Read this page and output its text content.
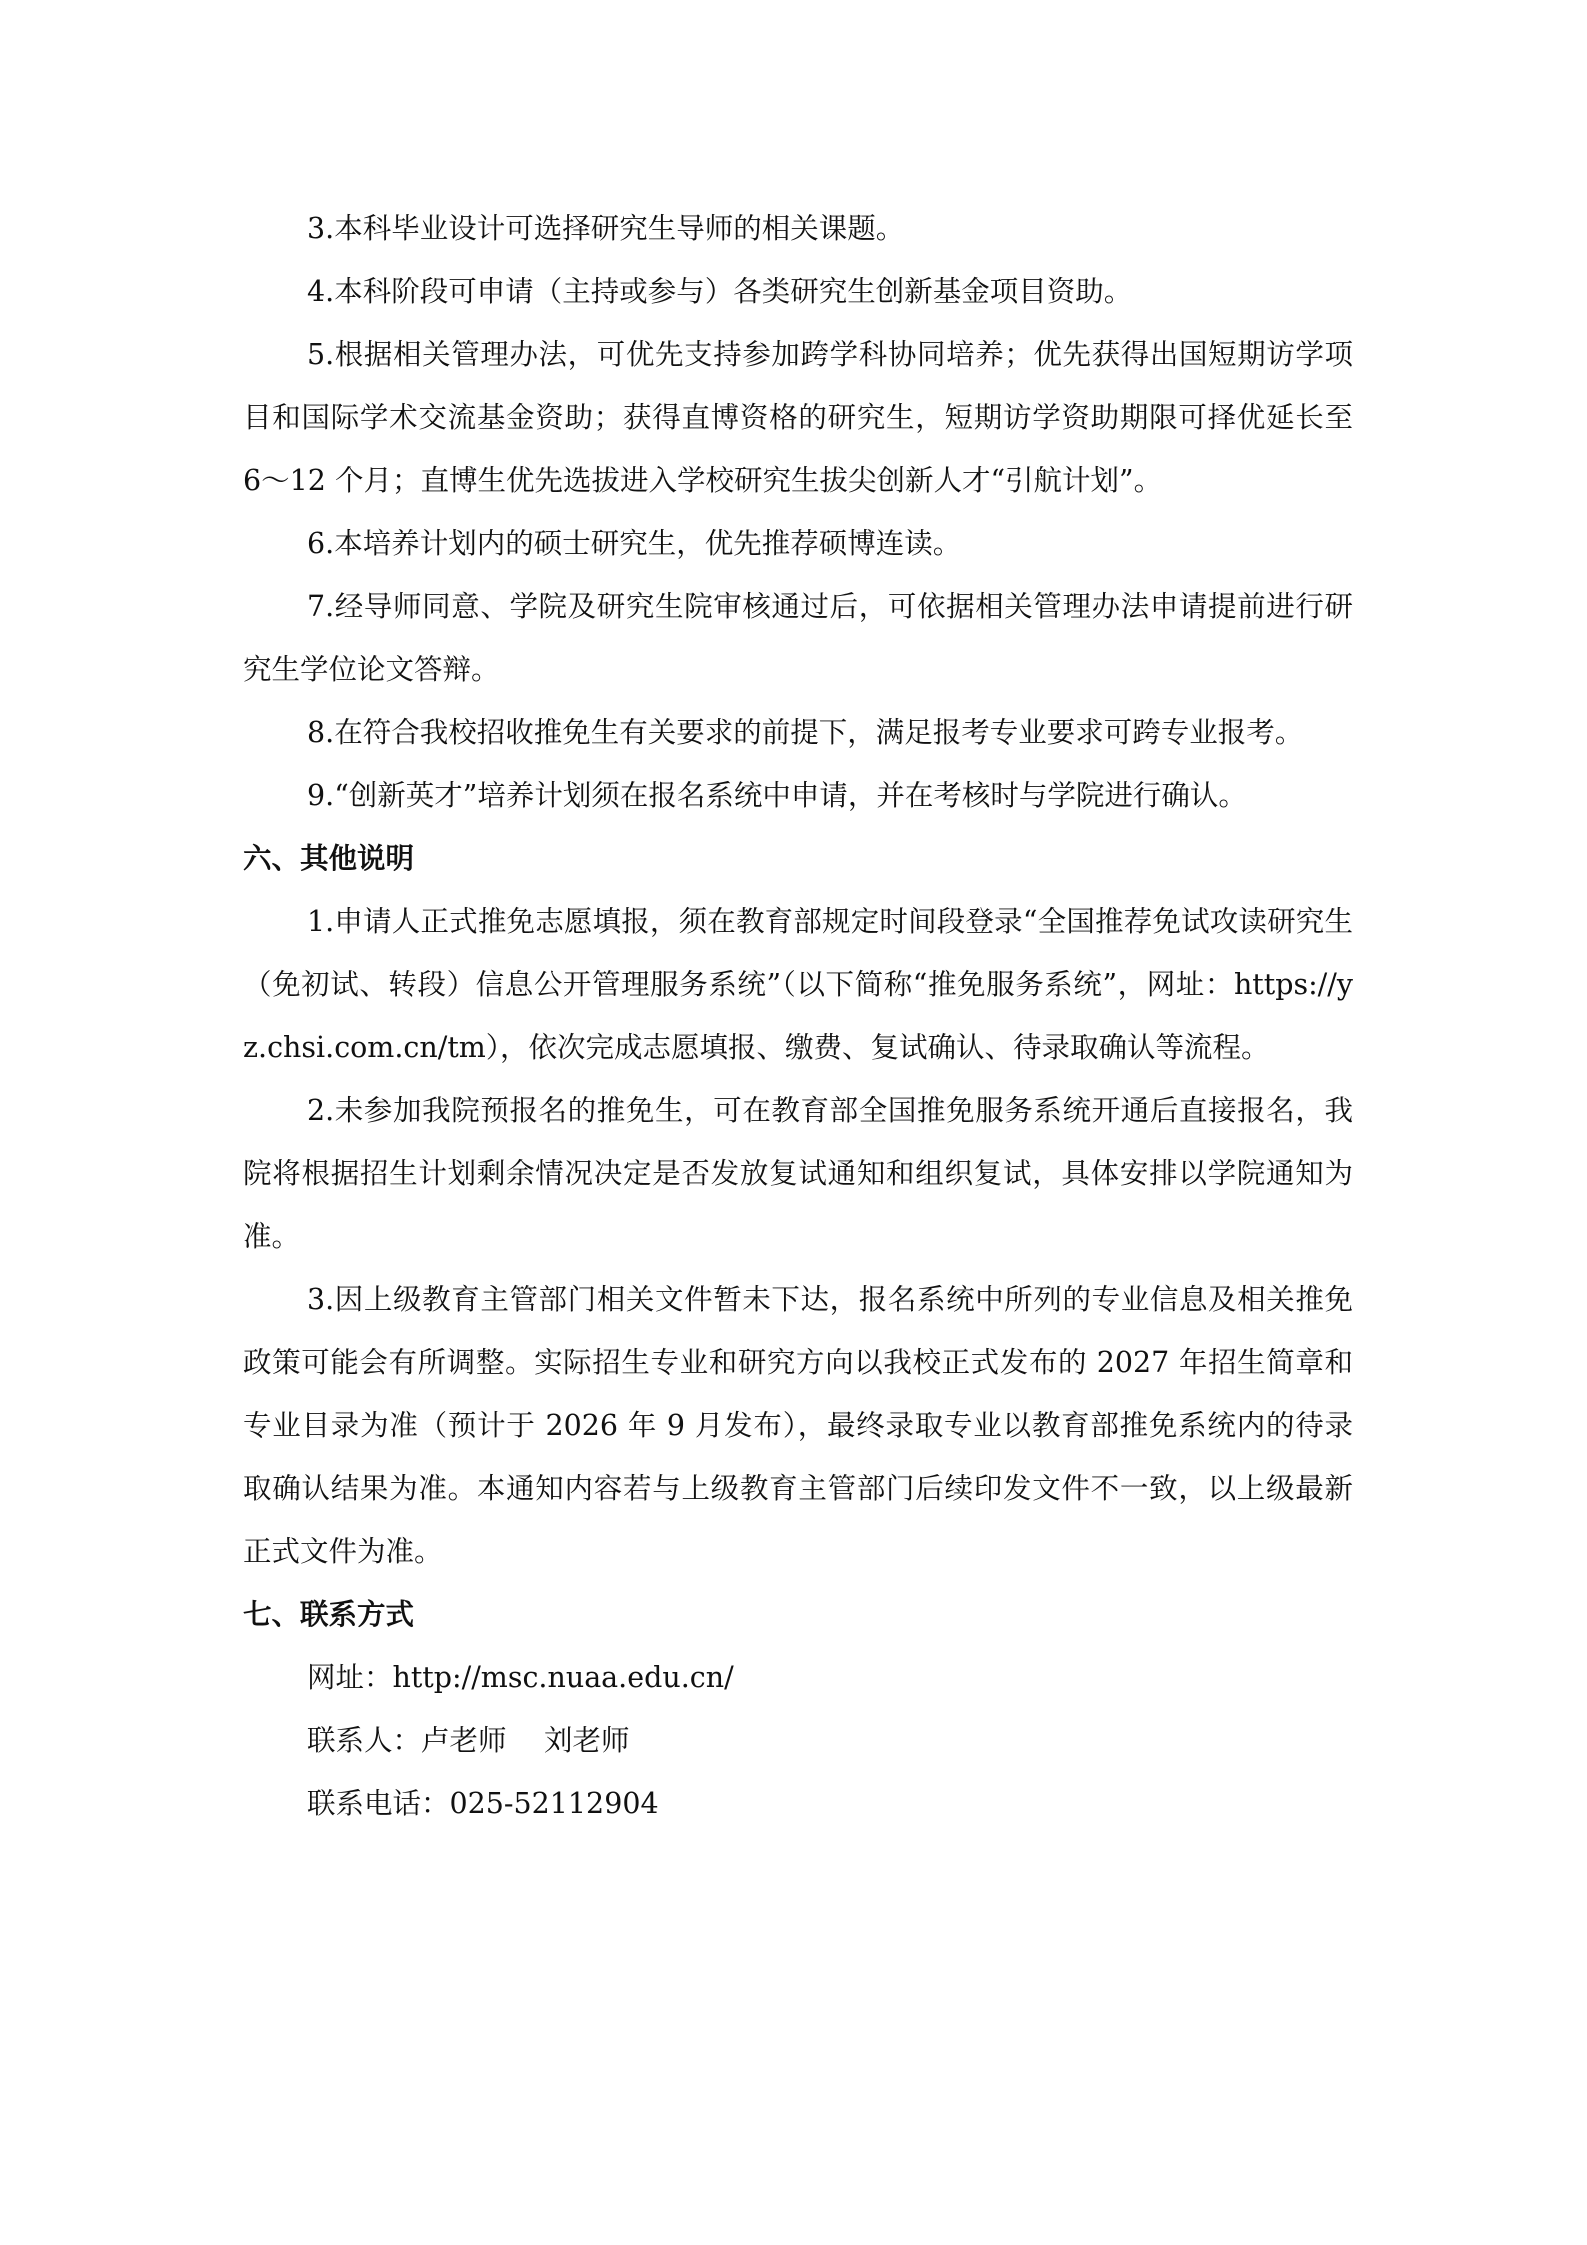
3.本科毕业设计可选择研究生导师的相关课题。

4.本科阶段可申请（主持或参与）各类研究生创新基金项目资助。

5.根据相关管理办法，可优先支持参加跨学科协同培养；优先获得出国短期访学项目和国际学术交流基金资助；获得直博资格的研究生，短期访学资助期限可择优延长至 6～12 个月；直博生优先选拔进入学校研究生拔尖创新人才“引航计划”。

6.本培养计划内的硕士研究生，优先推荐硕博连读。

7.经导师同意、学院及研究生院审核通过后，可依据相关管理办法申请提前进行研究生学位论文答辩。

8.在符合我校招收推免生有关要求的前提下，满足报考专业要求可跨专业报考。

9.“创新英才”培养计划须在报名系统中申请，并在考核时与学院进行确认。

六、其他说明

1.申请人正式推免志愿填报，须在教育部规定时间段登录“全国推荐免试攻读研究生（免初试、转段）信息公开管理服务系统”（以下简称“推免服务系统”，网址：https://yz.chsi.com.cn/tm），依次完成志愿填报、缴费、复试确认、待录取确认等流程。

2.未参加我院预报名的推免生，可在教育部全国推免服务系统开通后直接报名，我院将根据招生计划剩余情况决定是否发放复试通知和组织复试，具体安排以学院通知为准。

3.因上级教育主管部门相关文件暂未下达，报名系统中所列的专业信息及相关推免政策可能会有所调整。实际招生专业和研究方向以我校正式发布的 2027 年招生简章和专业目录为准（预计于 2026 年 9 月发布），最终录取专业以教育部推免系统内的待录取确认结果为准。本通知内容若与上级教育主管部门后续印发文件不一致，以上级最新正式文件为准。

七、联系方式

网址：http://msc.nuaa.edu.cn/

联系人：卢老师　 刘老师

联系电话：025-52112904
